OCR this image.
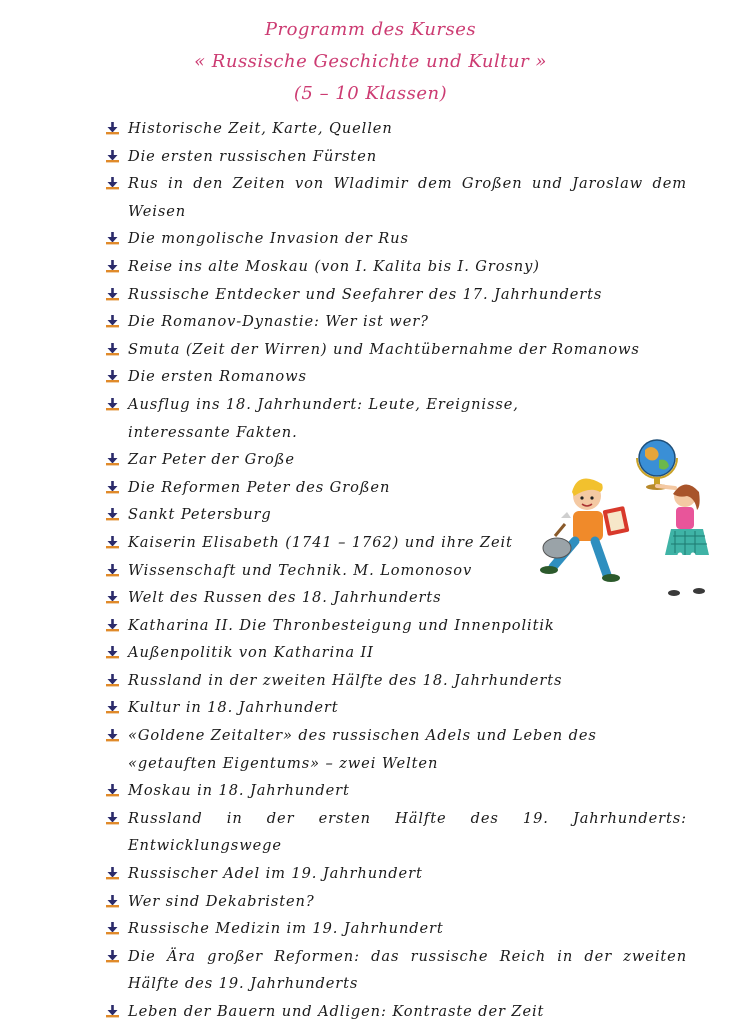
Programm des Kurses
« Russische Geschichte und Kultur »
(5 – 10 Klassen)
Historische Zeit, Karte, Quellen
Die ersten russischen Fürsten
Rus in den Zeiten von Wladimir dem Großen und Jaroslaw dem Weisen
Die mongolische Invasion der Rus
Reise ins alte Moskau (von I. Kalita bis I. Grosny)
Russische Entdecker und Seefahrer des 17. Jahrhunderts
Die Romanov-Dynastie: Wer ist wer?
Smuta (Zeit der Wirren) und Machtübernahme der Romanows
Die ersten Romanows
Ausflug ins 18. Jahrhundert: Leute, Ereignisse, interessante Fakten.
Zar Peter der Große
Die Reformen Peter des Großen
Sankt Petersburg
Kaiserin Elisabeth (1741 – 1762) und ihre Zeit
Wissenschaft und Technik. M. Lomonosov
Welt des Russen des 18. Jahrhunderts
Katharina II. Die Thronbesteigung und Innenpolitik
Außenpolitik von Katharina II
Russland in der zweiten Hälfte des 18. Jahrhunderts
Kultur in 18. Jahrhundert
«Goldene Zeitalter» des russischen Adels und Leben des «getauften Eigentums» – zwei Welten
Moskau in 18. Jahrhundert
Russland in der ersten Hälfte des 19. Jahrhunderts: Entwicklungswege
Russischer Adel im 19. Jahrhundert
Wer sind Dekabristen?
Russische Medizin im 19. Jahrhundert
Die Ära großer Reformen: das russische Reich in der zweiten Hälfte des 19. Jahrhunderts
Leben der Bauern und Adligen: Kontraste der Zeit
